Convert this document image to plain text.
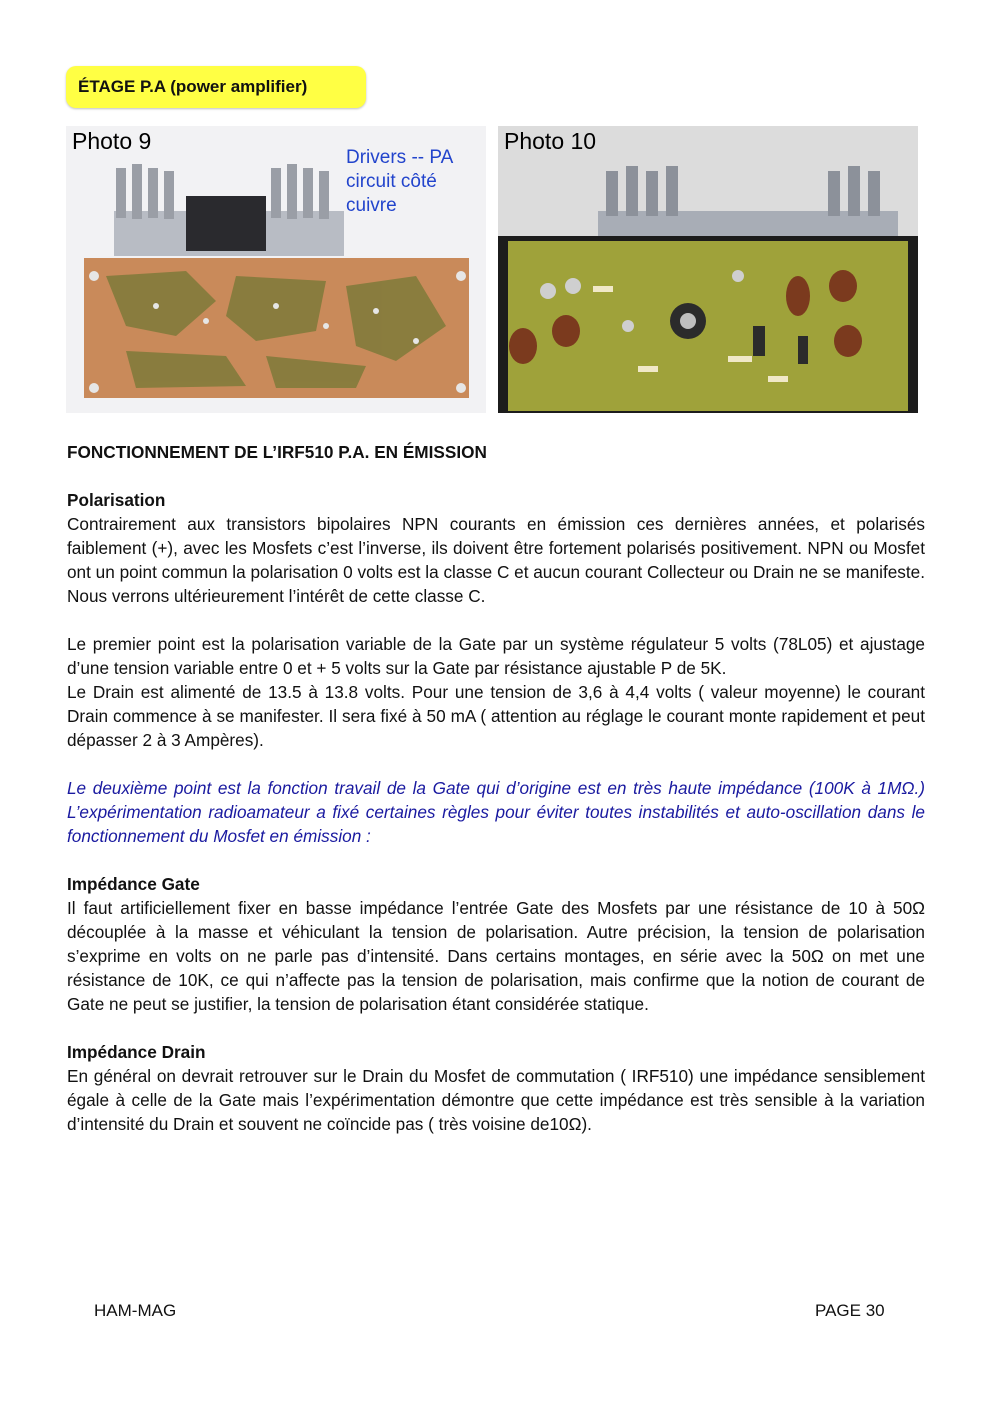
ÉTAGE P.A (power amplifier)
Photo 9
Drivers -- PA
circuit côté cuivre
Photo 10

FONCTIONNEMENT DE L’IRF510 P.A. EN ÉMISSION

Polarisation

Contrairement aux transistors bipolaires NPN courants en émission ces dernières années, et polarisés faiblement (+), avec les Mosfets c’est l’inverse, ils doivent être fortement polarisés positivement. NPN ou Mosfet ont un point commun la polarisation 0 volts est la classe C et aucun courant Collecteur ou Drain ne se manifeste. Nous verrons ultérieurement l’intérêt de cette classe C.

Le premier point est la polarisation variable de la Gate par un système régulateur 5 volts (78L05) et ajustage d’une tension variable entre 0 et + 5 volts sur la Gate par résistance ajustable P de 5K.

Le Drain est alimenté de 13.5 à 13.8 volts. Pour une tension de 3,6 à 4,4 volts ( valeur moyenne) le courant Drain commence à se manifester. Il sera fixé à 50 mA ( attention au réglage le courant monte rapidement et peut dépasser 2 à 3 Ampères).

Le deuxième point est la fonction travail de la Gate qui d’origine est en très haute impédance (100K à 1MΩ.) L’expérimentation radioamateur a fixé certaines règles pour éviter toutes instabilités et auto-oscillation dans le fonctionnement du Mosfet en émission :

Impédance Gate

Il faut artificiellement fixer en basse impédance l’entrée Gate des Mosfets par une résistance de 10 à 50Ω découplée à la masse et véhiculant la tension de polarisation. Autre précision, la tension de polarisation s’exprime en volts on ne parle pas d’intensité. Dans certains montages, en série avec la 50Ω on met une résistance de 10K, ce qui n’affecte pas la tension de polarisation, mais confirme que la notion de courant de Gate ne peut se justifier, la tension de polarisation étant considérée statique.

Impédance Drain

En général on devrait retrouver sur le Drain du Mosfet de commutation ( IRF510) une impédance sensiblement égale à celle de la Gate mais l’expérimentation démontre que cette impédance est très sensible à la variation d’intensité du Drain et souvent ne coïncide pas ( très voisine de10Ω).

HAM-MAG	PAGE 30
